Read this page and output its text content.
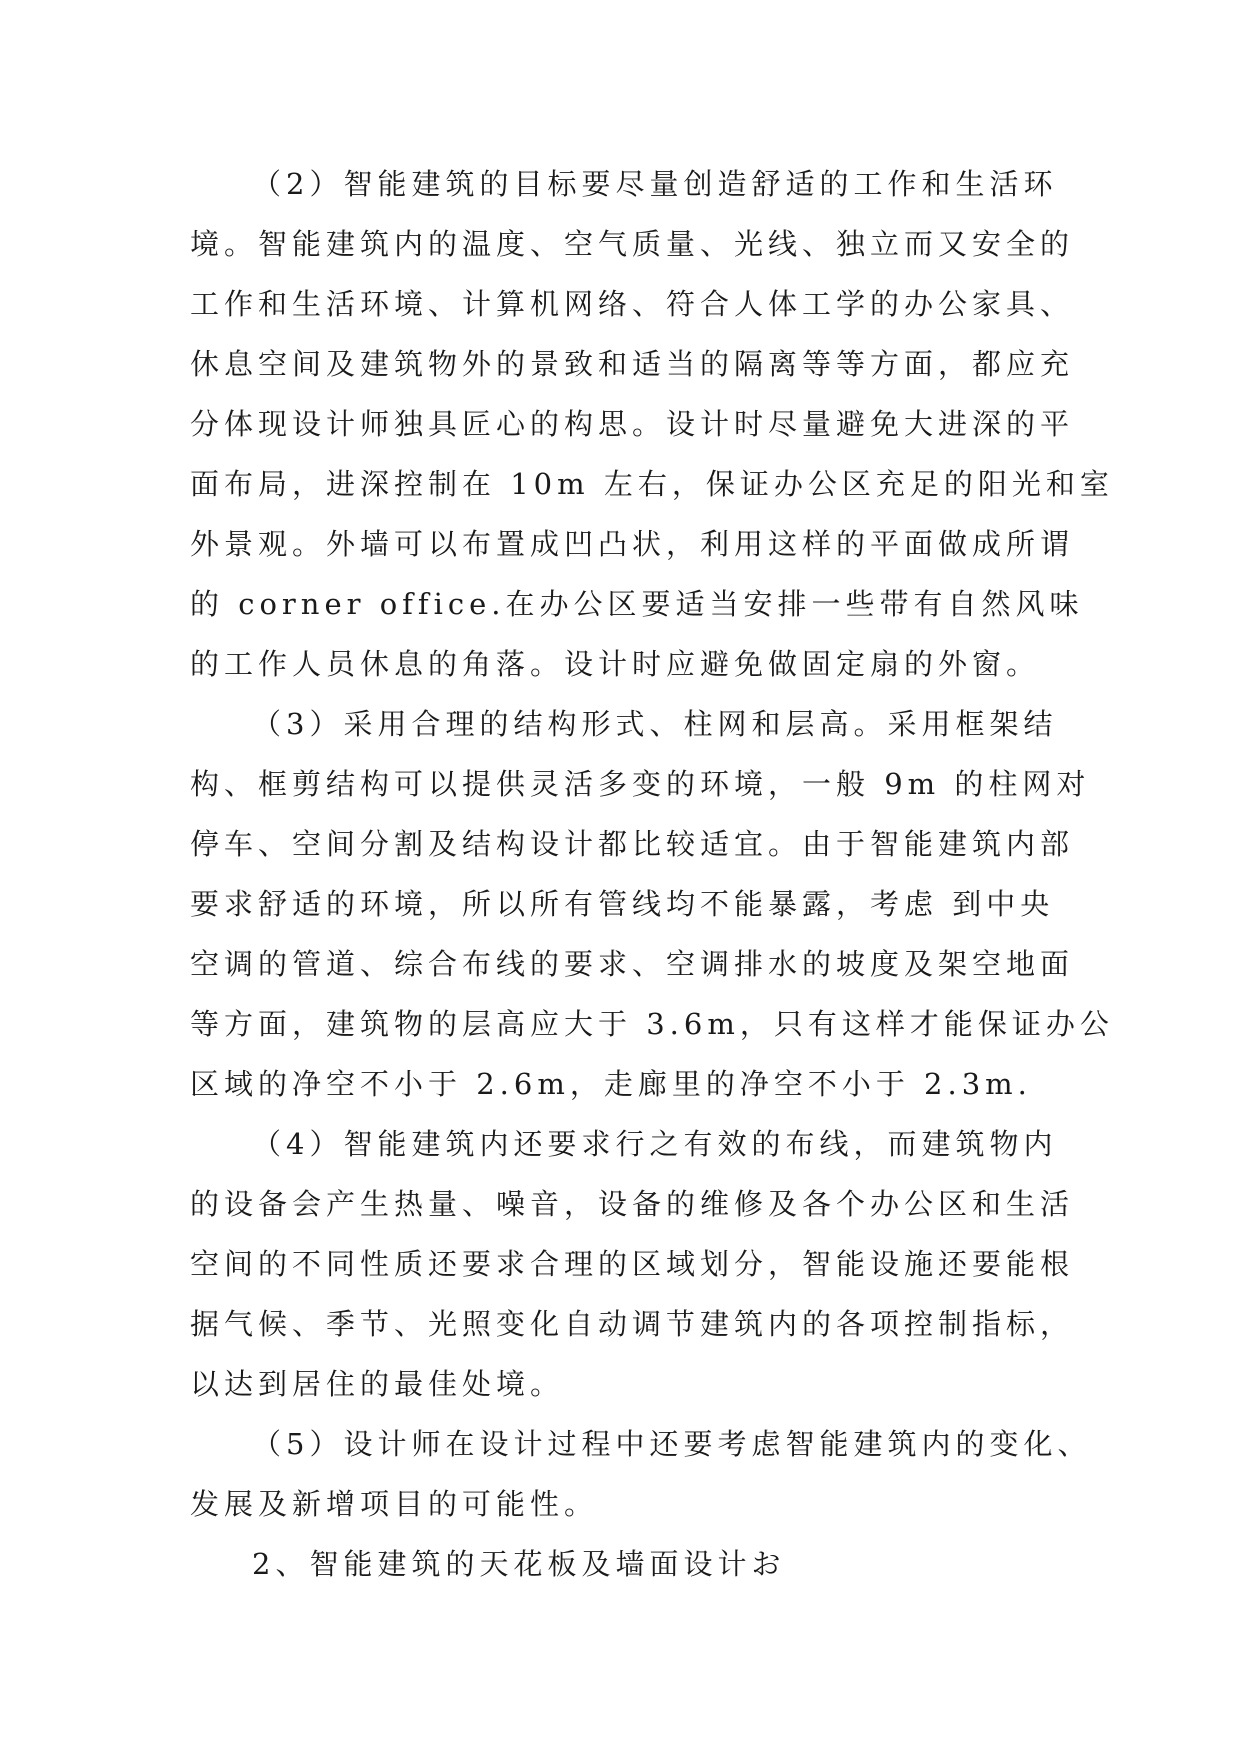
（2）智能建筑的目标要尽量创造舒适的工作和生活环
境。智能建筑内的温度、空气质量、光线、独立而又安全的
工作和生活环境、计算机网络、符合人体工学的办公家具、
休息空间及建筑物外的景致和适当的隔离等等方面，都应充
分体现设计师独具匠心的构思。设计时尽量避免大进深的平
面布局，进深控制在 10m 左右，保证办公区充足的阳光和室
外景观。外墙可以布置成凹凸状，利用这样的平面做成所谓
的 corner office.在办公区要适当安排一些带有自然风味
的工作人员休息的角落。设计时应避免做固定扇的外窗。
（3）采用合理的结构形式、柱网和层高。采用框架结
构、框剪结构可以提供灵活多变的环境，一般 9m 的柱网对
停车、空间分割及结构设计都比较适宜。由于智能建筑内部
要求舒适的环境，所以所有管线均不能暴露，考虑 到中央
空调的管道、综合布线的要求、空调排水的坡度及架空地面
等方面，建筑物的层高应大于 3.6m，只有这样才能保证办公
区域的净空不小于 2.6m，走廊里的净空不小于 2.3m.
（4）智能建筑内还要求行之有效的布线，而建筑物内
的设备会产生热量、噪音，设备的维修及各个办公区和生活
空间的不同性质还要求合理的区域划分，智能设施还要能根
据气候、季节、光照变化自动调节建筑内的各项控制指标，
以达到居住的最佳处境。
（5）设计师在设计过程中还要考虑智能建筑内的变化、
发展及新增项目的可能性。
2、智能建筑的天花板及墙面设计お
